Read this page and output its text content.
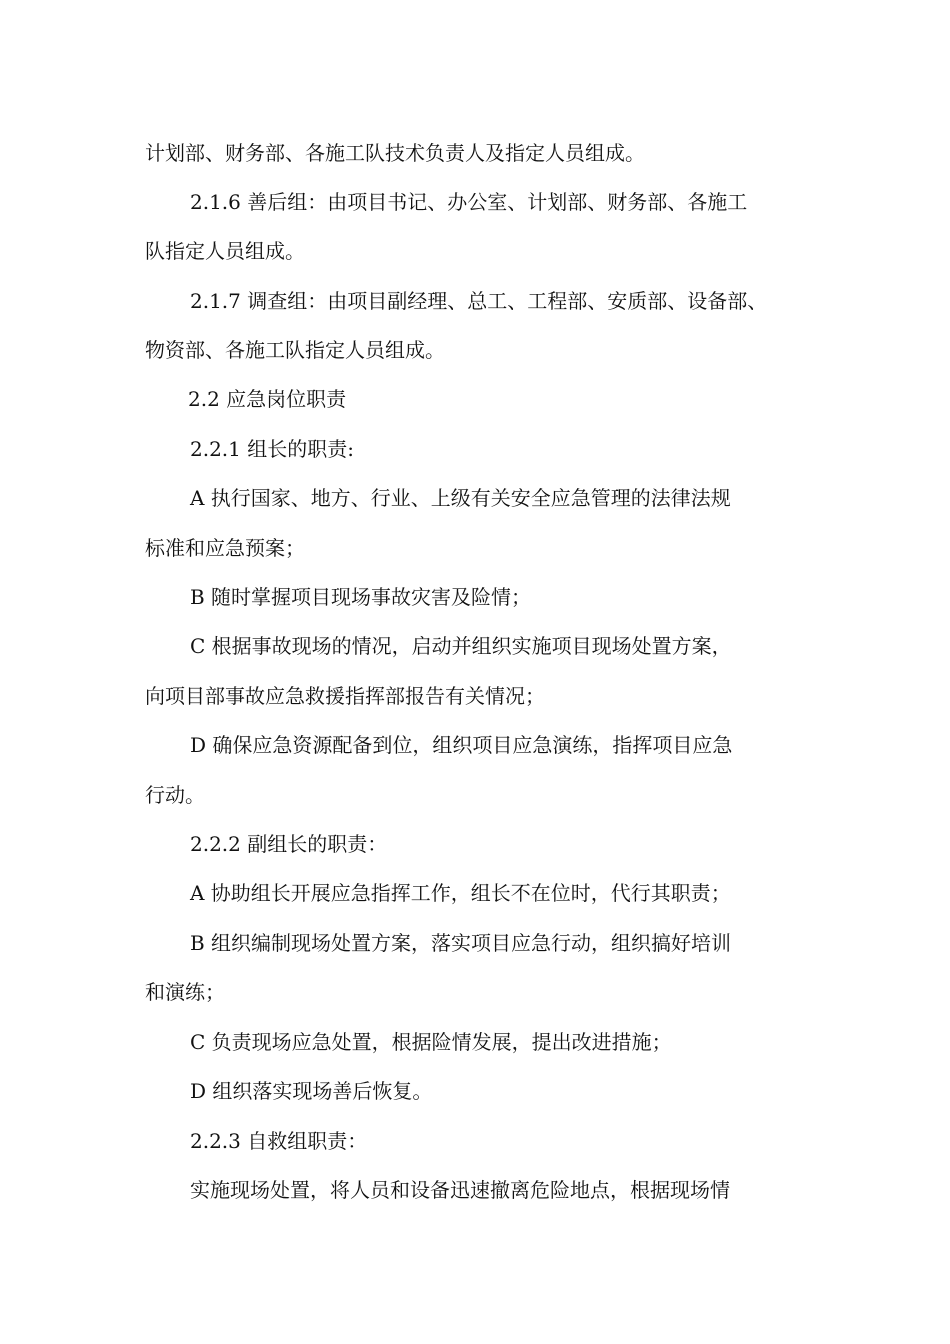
计划部、财务部、各施工队技术负责人及指定人员组成。

2.1.6 善后组：由项目书记、办公室、计划部、财务部、各施工

队指定人员组成。

2.1.7 调查组：由项目副经理、总工、工程部、安质部、设备部、

物资部、各施工队指定人员组成。

2.2 应急岗位职责

2.2.1 组长的职责:

A 执行国家、地方、行业、上级有关安全应急管理的法律法规

标准和应急预案；

B 随时掌握项目现场事故灾害及险情；

C 根据事故现场的情况，启动并组织实施项目现场处置方案，

向项目部事故应急救援指挥部报告有关情况；

D 确保应急资源配备到位，组织项目应急演练，指挥项目应急

行动。

2.2.2 副组长的职责：

A 协助组长开展应急指挥工作，组长不在位时，代行其职责；

B 组织编制现场处置方案，落实项目应急行动，组织搞好培训

和演练；

C 负责现场应急处置，根据险情发展，提出改进措施；

D 组织落实现场善后恢复。

2.2.3 自救组职责：

实施现场处置，将人员和设备迅速撤离危险地点，根据现场情
